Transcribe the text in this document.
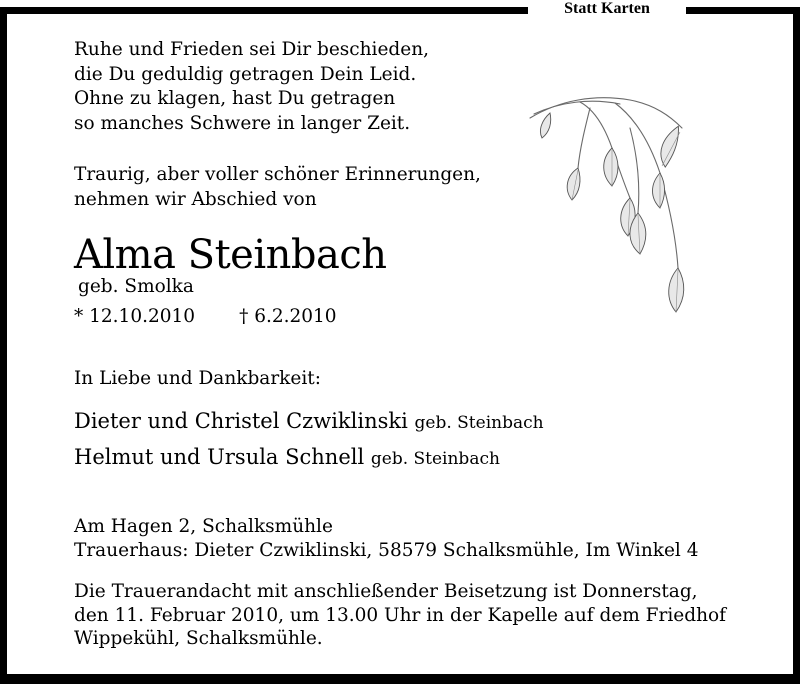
Statt Karten
Ruhe und Frieden sei Dir beschieden,
die Du geduldig getragen Dein Leid.
Ohne zu klagen, hast Du getragen
so manches Schwere in langer Zeit.
Traurig, aber voller schöner Erinnerungen,
nehmen wir Abschied von
Alma Steinbach
geb. Smolka
* 12.10.2010 † 6.2.2010
In Liebe und Dankbarkeit:
Dieter und Christel Czwiklinski geb. Steinbach
Helmut und Ursula Schnell geb. Steinbach
Am Hagen 2, Schalksmühle
Trauerhaus: Dieter Czwiklinski, 58579 Schalksmühle, Im Winkel 4
Die Trauerandacht mit anschließender Beisetzung ist Donnerstag,
den 11. Februar 2010, um 13.00 Uhr in der Kapelle auf dem Friedhof
Wippekühl, Schalksmühle.
